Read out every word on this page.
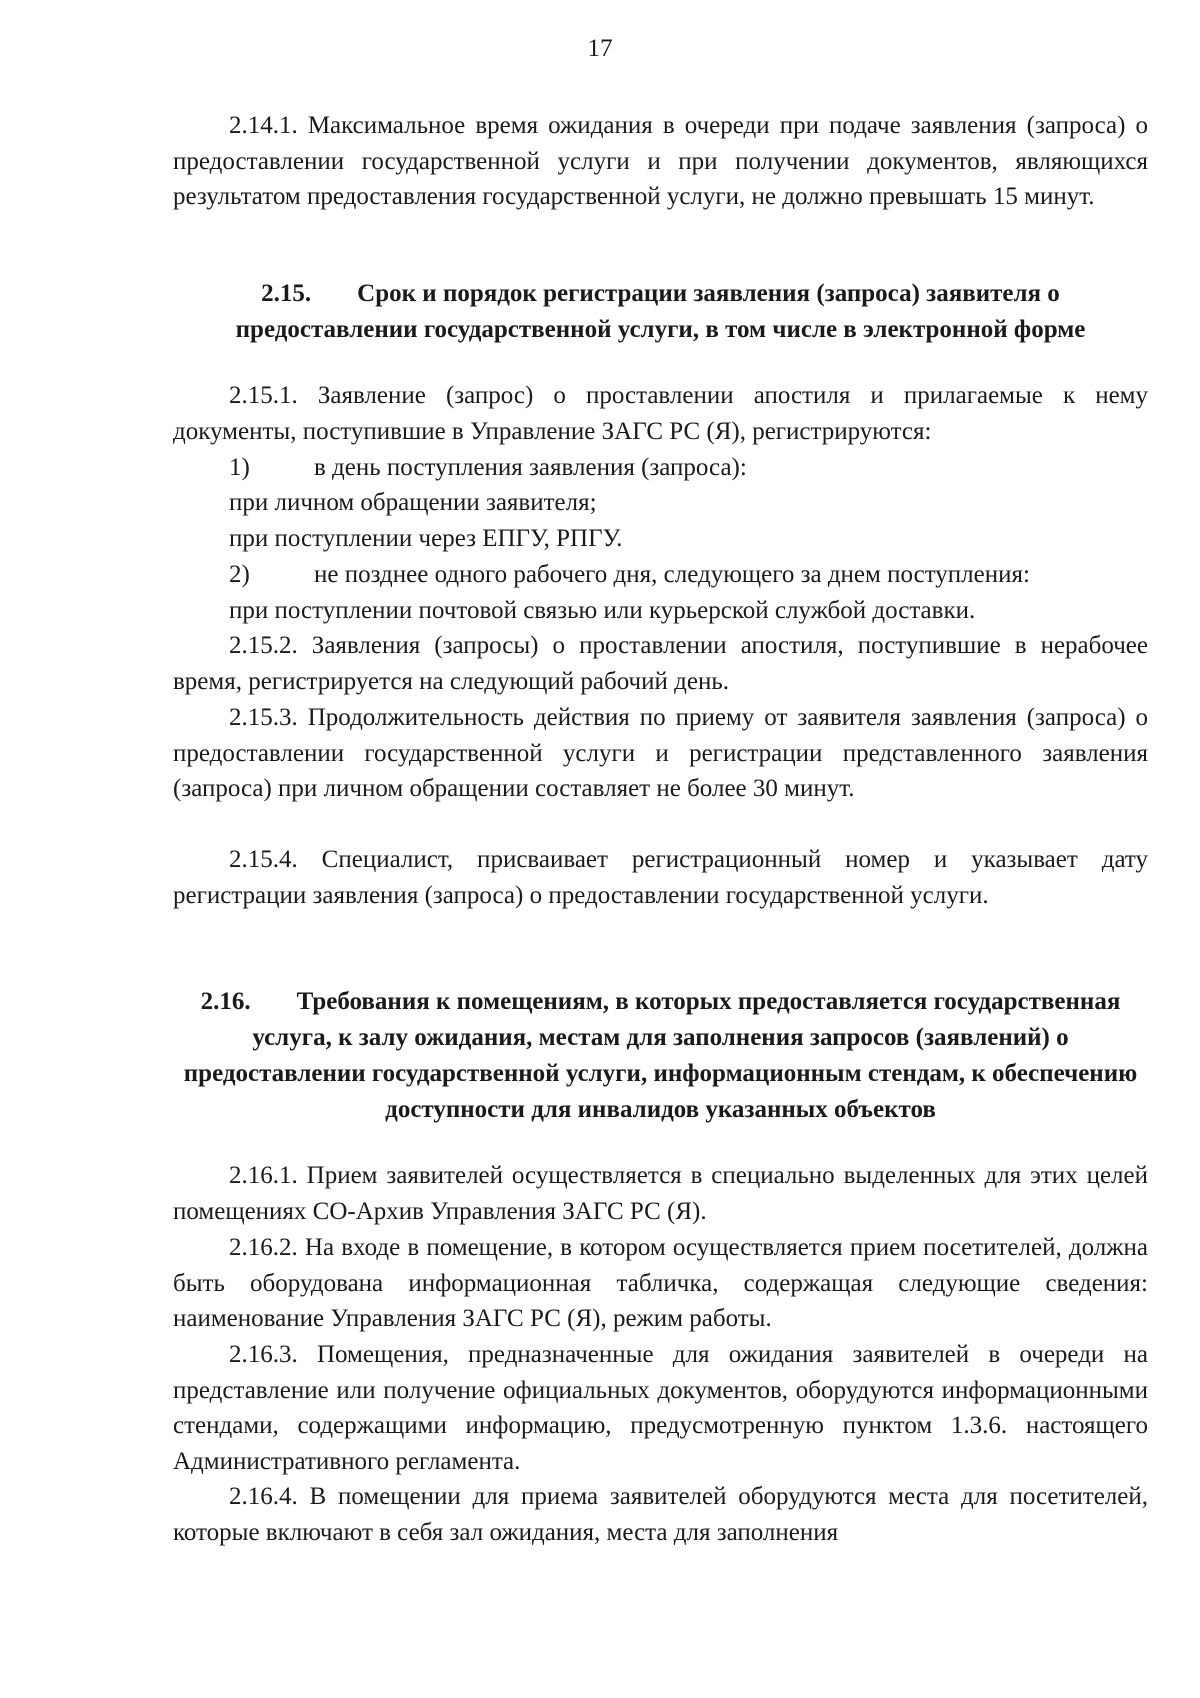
17
2.14.1. Максимальное время ожидания в очереди при подаче заявления (запроса) о предоставлении государственной услуги и при получении документов, являющихся результатом предоставления государственной услуги, не должно превышать 15 минут.
2.15. Срок и порядок регистрации заявления (запроса) заявителя о предоставлении государственной услуги, в том числе в электронной форме
2.15.1. Заявление (запрос) о проставлении апостиля и прилагаемые к нему документы, поступившие в Управление ЗАГС РС (Я), регистрируются:
1)	в день поступления заявления (запроса):
при личном обращении заявителя;
при поступлении через ЕПГУ, РПГУ.
2)	не позднее одного рабочего дня, следующего за днем поступления:
при поступлении почтовой связью или курьерской службой доставки.
2.15.2. Заявления (запросы) о проставлении апостиля, поступившие в нерабочее время, регистрируется на следующий рабочий день.
2.15.3. Продолжительность действия по приему от заявителя заявления (запроса) о предоставлении государственной услуги и регистрации представленного заявления (запроса) при личном обращении составляет не более 30 минут.
2.15.4. Специалист, присваивает регистрационный номер и указывает дату регистрации заявления (запроса) о предоставлении государственной услуги.
2.16. Требования к помещениям, в которых предоставляется государственная услуга, к залу ожидания, местам для заполнения запросов (заявлений) о предоставлении государственной услуги, информационным стендам, к обеспечению доступности для инвалидов указанных объектов
2.16.1. Прием заявителей осуществляется в специально выделенных для этих целей помещениях СО-Архив Управления ЗАГС РС (Я).
2.16.2. На входе в помещение, в котором осуществляется прием посетителей, должна быть оборудована информационная табличка, содержащая следующие сведения: наименование Управления ЗАГС РС (Я), режим работы.
2.16.3. Помещения, предназначенные для ожидания заявителей в очереди на представление или получение официальных документов, оборудуются информационными стендами, содержащими информацию, предусмотренную пунктом 1.3.6. настоящего Административного регламента.
2.16.4. В помещении для приема заявителей оборудуются места для посетителей, которые включают в себя зал ожидания, места для заполнения
